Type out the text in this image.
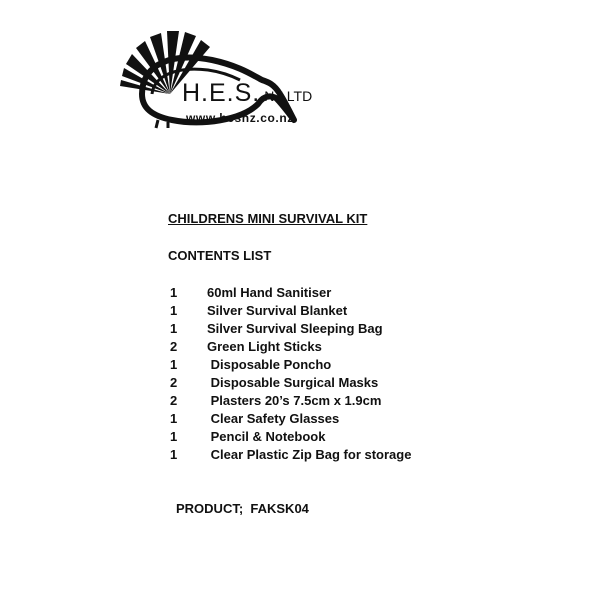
H.E.S. NZ LTD
www.hesnz.co.nz
CHILDRENS MINI SURVIVAL KIT
CONTENTS LIST
1 60ml Hand Sanitiser
1 Silver Survival Blanket
1 Silver Survival Sleeping Bag
2 Green Light Sticks
1 Disposable Poncho
2 Disposable Surgical Masks
2 Plasters 20’s 7.5cm x 1.9cm
1 Clear Safety Glasses
1 Pencil & Notebook
1 Clear Plastic Zip Bag for storage
PRODUCT;  FAKSK04
